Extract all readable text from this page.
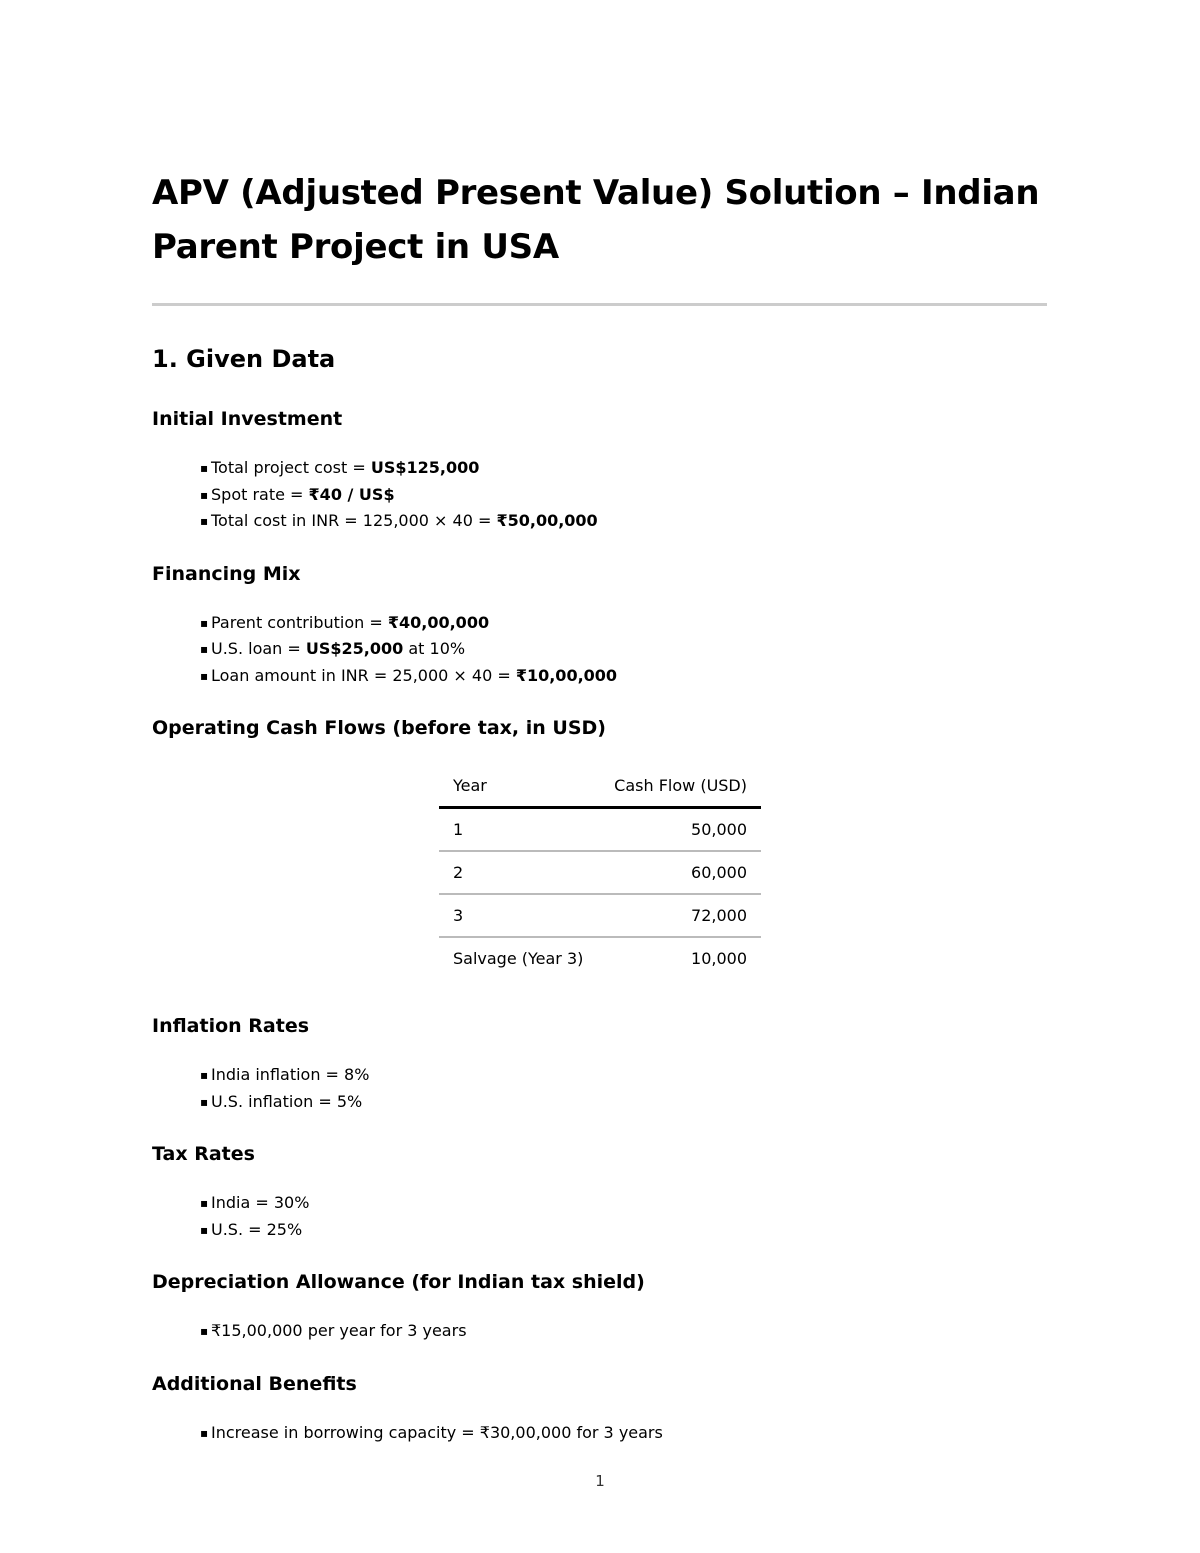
APV (Adjusted Present Value) Solution – Indian Parent Project in USA
1. Given Data
Initial Investment
▪ Total project cost = US$125,000
▪ Spot rate = ₹40 / US$
▪ Total cost in INR = 125,000 × 40 = ₹50,00,000
Financing Mix
▪ Parent contribution = ₹40,00,000
▪ U.S. loan = US$25,000 at 10%
▪ Loan amount in INR = 25,000 × 40 = ₹10,00,000
Operating Cash Flows (before tax, in USD)
Year	Cash Flow (USD)
1	50,000
2	60,000
3	72,000
Salvage (Year 3)	10,000
Inflation Rates
▪ India inflation = 8%
▪ U.S. inflation = 5%
Tax Rates
▪ India = 30%
▪ U.S. = 25%
Depreciation Allowance (for Indian tax shield)
▪ ₹15,00,000 per year for 3 years
Additional Benefits
▪ Increase in borrowing capacity = ₹30,00,000 for 3 years
1
